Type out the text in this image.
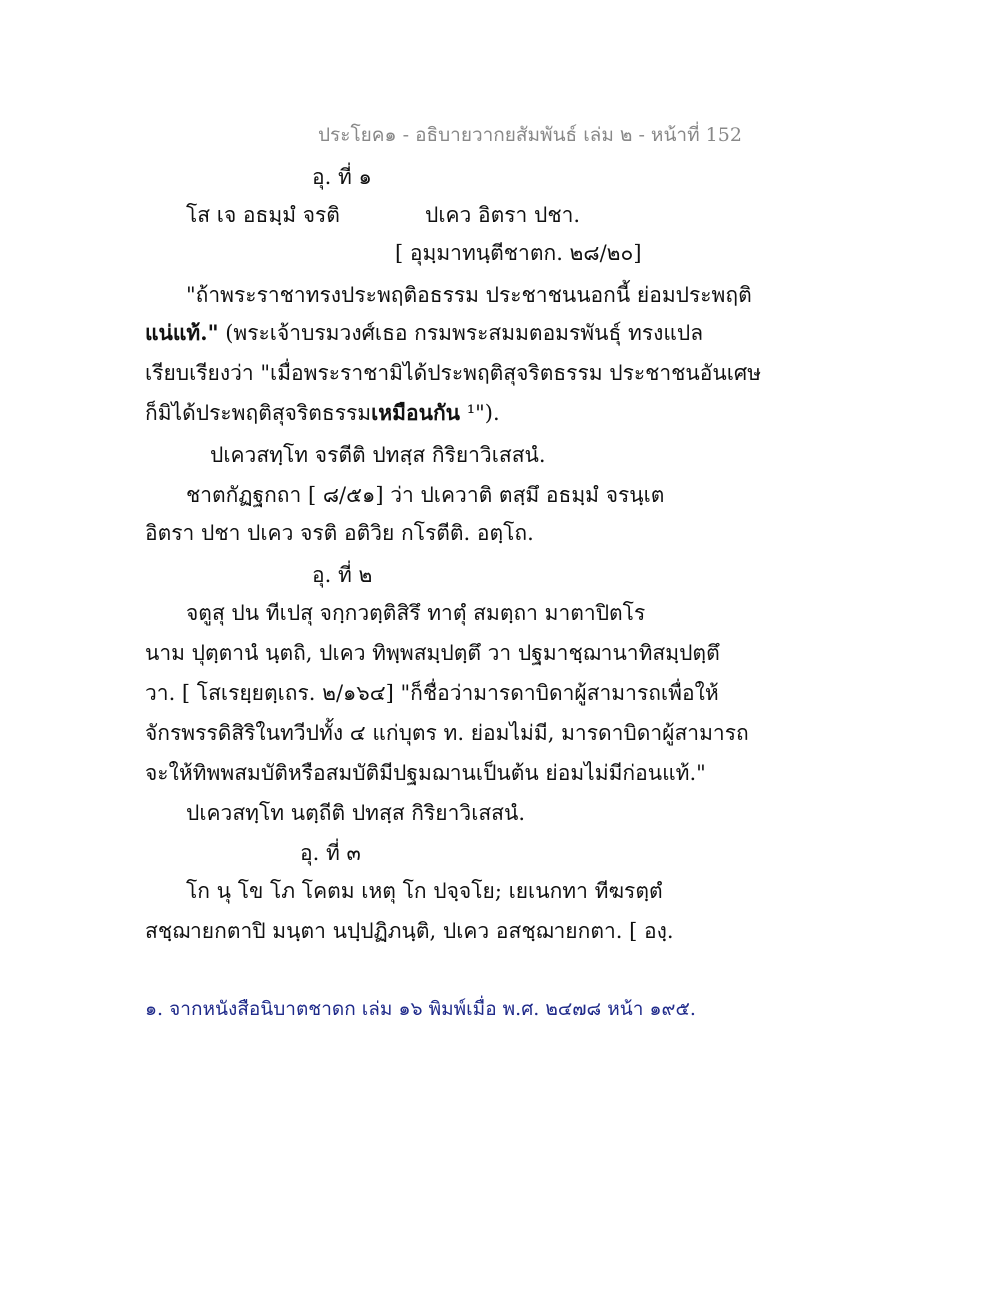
ประโยค๑ - อธิบายวากยสัมพันธ์ เล่ม ๒ - หน้าที่ 152
อุ. ที่ ๑
โส เจ อธมฺมํ จรติ	ปเคว อิตรา ปชา.
[ อุมฺมาทนฺตีชาตก. ๒๘/๒๐]
"ถ้าพระราชาทรงประพฤติอธรรม ประชาชนนอกนี้ ย่อมประพฤติ
แน่แท้." (พระเจ้าบรมวงศ์เธอ กรมพระสมมตอมรพันธุ์ ทรงแปล
เรียบเรียงว่า "เมื่อพระราชามิได้ประพฤติสุจริตธรรม ประชาชนอันเศษ
ก็มิได้ประพฤติสุจริตธรรมเหมือนกัน ¹").
ปเควสทฺโท จรตีติ ปทสฺส กิริยาวิเสสนํ.
ชาตกัฏฐกถา [ ๘/๕๑] ว่า ปเควาติ ตสฺมึ อธมฺมํ จรนฺเต
อิตรา ปชา ปเคว จรติ อติวิย กโรตีติ. อตฺโถ.
อุ. ที่ ๒
จตูสุ ปน ทีเปสุ จกฺกวตฺติสิรึ ทาตุํ สมตฺถา มาตาปิตโร
นาม ปุตฺตานํ นฺตถิ, ปเคว ทิพฺพสมฺปตฺตึ วา ปฐมาชฺฌานาทิสมฺปตฺตึ
วา. [ โสเรยฺยตฺเถร. ๒/๑๖๔] "ก็ชื่อว่ามารดาบิดาผู้สามารถเพื่อให้
จักรพรรดิสิริในทวีปทั้ง ๔ แก่บุตร ท. ย่อมไม่มี, มารดาบิดาผู้สามารถ
จะให้ทิพพสมบัติหรือสมบัติมีปฐมฌานเป็นต้น ย่อมไม่มีก่อนแท้."
ปเควสทฺโท นตฺถีติ ปทสฺส กิริยาวิเสสนํ.
อุ. ที่ ๓
โก นุ โข โภ โคตม เหตุ โก ปจฺจโย; เยเนกทา ทีฆรตฺตํ
สชฺฌายกตาปิ มนฺตา นปฺปฏิภนฺติ, ปเคว อสชฺฌายกตา. [ องฺ.
๑. จากหนังสือนิบาตชาดก เล่ม ๑๖ พิมพ์เมื่อ พ.ศ. ๒๔๗๘ หน้า ๑๙๕.
